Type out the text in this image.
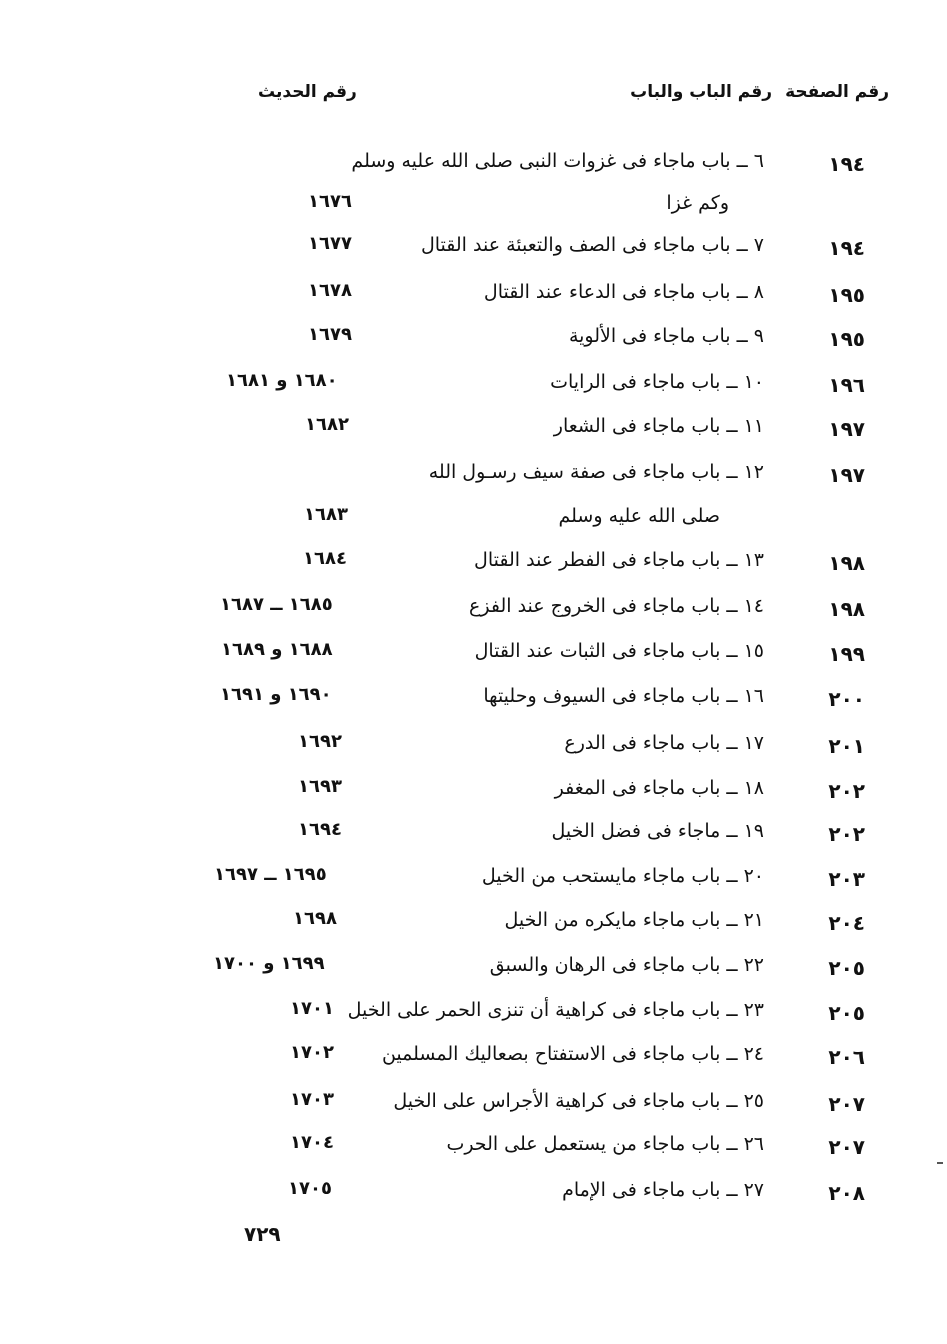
رقم الصفحة
رقم الباب والباب
رقم الحديث
١٩٤
٦ ــ باب ماجاء فى غزوات النبى صلى الله عليه وسلم
وكم غزا
١٦٧٦
١٩٤
٧ ــ باب ماجاء فى الصف والتعبئة عند القتال
١٦٧٧
١٩٥
٨ ــ باب ماجاء فى الدعاء عند القتال
١٦٧٨
١٩٥
٩ ــ باب ماجاء فى الألوية
١٦٧٩
١٩٦
١٠ ــ باب ماجاء فى الرايات
١٦٨٠ و ١٦٨١
١٩٧
١١ ــ باب ماجاء فى الشعار
١٦٨٢
١٩٧
١٢ ــ باب ماجاء فى صفة سيف رسـول الله
صلى الله عليه وسلم
١٦٨٣
١٩٨
١٣ ــ باب ماجاء فى الفطر عند القتال
١٦٨٤
١٩٨
١٤ ــ باب ماجاء فى الخروج عند الفزع
١٦٨٥ ــ ١٦٨٧
١٩٩
١٥ ــ باب ماجاء فى الثبات عند القتال
١٦٨٨ و ١٦٨٩
٢٠٠
١٦ ــ باب ماجاء فى السيوف وحليتها
١٦٩٠ و ١٦٩١
٢٠١
١٧ ــ باب ماجاء فى الدرع
١٦٩٢
٢٠٢
١٨ ــ باب ماجاء فى المغفر
١٦٩٣
٢٠٢
١٩ ــ ماجاء فى فضل الخيل
١٦٩٤
٢٠٣
٢٠ ــ باب ماجاء مايستحب من الخيل
١٦٩٥ ــ ١٦٩٧
٢٠٤
٢١ ــ باب ماجاء مايكره من الخيل
١٦٩٨
٢٠٥
٢٢ ــ باب ماجاء فى الرهان والسبق
١٦٩٩ و ١٧٠٠
٢٠٥
٢٣ ــ باب ماجاء فى كراهية أن تنزى الحمر على الخيل
١٧٠١
٢٠٦
٢٤ ــ باب ماجاء فى الاستفتاح بصعاليك المسلمين
١٧٠٢
٢٠٧
٢٥ ــ باب ماجاء فى كراهية الأجراس على الخيل
١٧٠٣
٢٠٧
٢٦ ــ باب ماجاء من يستعمل على الحرب
١٧٠٤
٢٠٨
٢٧ ــ باب ماجاء فى الإمام
١٧٠٥
٧٢٩
